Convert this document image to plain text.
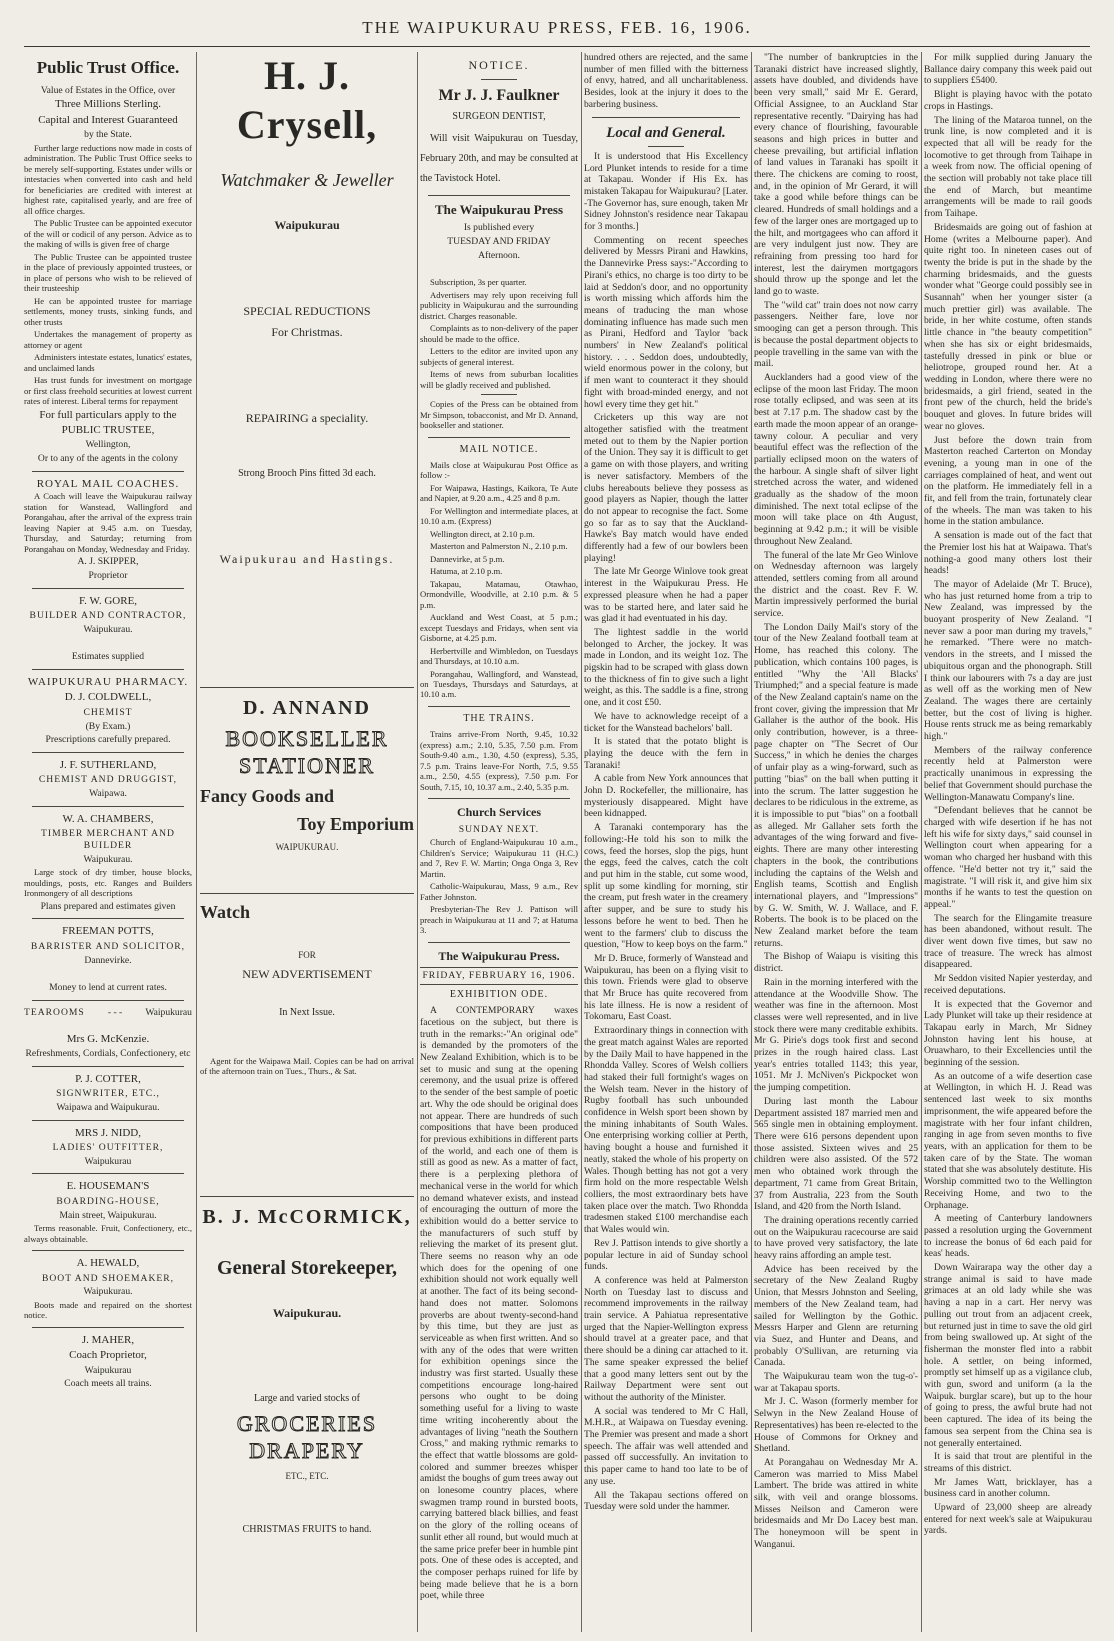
THE WAIPUKURAU PRESS, FEB. 16, 1906.
Public Trust Office.

Value of Estates in the Office, over

Three Millions Sterling.

Capital and Interest Guaranteed

by the State.

Further large reductions now made in costs of administration. The Public Trust Office seeks to be merely self-supporting. Estates under wills or intestacies when converted into cash and held for beneficiaries are credited with interest at highest rate, capitalised yearly, and are free of all office charges.

The Public Trustee can be appointed executor of the will or codicil of any person. Advice as to the making of wills is given free of charge

The Public Trustee can be appointed trustee in the place of previously appointed trustees, or in place of persons who wish to be relieved of their trusteeship

He can be appointed trustee for marriage settlements, money trusts, sinking funds, and other trusts

Undertakes the management of property as attorney or agent

Administers intestate estates, lunatics' estates, and unclaimed lands

Has trust funds for investment on mortgage or first class freehold securities at lowest current rates of interest. Liberal terms for repayment

For full particulars apply to the

PUBLIC TRUSTEE,

Wellington,

Or to any of the agents in the colony

ROYAL MAIL COACHES.

A Coach will leave the Waipukurau railway station for Wanstead, Wallingford and Porangahau, after the arrival of the express train leaving Napier at 9.45 a.m. on Tuesday, Thursday, and Saturday; returning from Porangahau on Monday, Wednesday and Friday.

A. J. SKIPPER,

Proprietor

F. W. GORE,

BUILDER AND CONTRACTOR,

Waipukurau.

Estimates supplied

WAIPUKURAU PHARMACY.

D. J. COLDWELL,

CHEMIST

(By Exam.)

Prescriptions carefully prepared.

J. F. SUTHERLAND,

CHEMIST AND DRUGGIST,

Waipawa.

W. A. CHAMBERS,

TIMBER MERCHANT AND BUILDER

Waipukurau.

Large stock of dry timber, house blocks, mouldings, posts, etc. Ranges and Builders Ironmongery of all descriptions

Plans prepared and estimates given

FREEMAN POTTS,

BARRISTER AND SOLICITOR,

Dannevirke.

Money to lend at current rates.

TEAROOMS - - - Waipukurau

Mrs G. McKenzie.

Refreshments, Cordials, Confectionery, etc

P. J. COTTER,

SIGNWRITER, ETC.,

Waipawa and Waipukurau.

MRS J. NIDD,

LADIES' OUTFITTER,

Waipukurau

E. HOUSEMAN'S

BOARDING-HOUSE,

Main street, Waipukurau.

Terms reasonable. Fruit, Confectionery, etc., always obtainable.

A. HEWALD,

BOOT AND SHOEMAKER,

Waipukurau.

Boots made and repaired on the shortest notice.

J. MAHER,

Coach Proprietor,

Waipukurau

Coach meets all trains.

H. J. Crysell,
Watchmaker & Jeweller
Waipukurau
SPECIAL REDUCTIONS
For Christmas.
REPAIRING a speciality.
Strong Brooch Pins fitted 3d each.
Waipukurau and Hastings.
D. ANNAND
BOOKSELLER
STATIONER
Fancy Goods and
Toy Emporium
WAIPUKURAU.
Watch
FOR
NEW ADVERTISEMENT
In Next Issue.

Agent for the Waipawa Mail. Copies can be had on arrival of the afternoon train on Tues., Thurs., & Sat.

B. J. McCORMICK,
General Storekeeper,
Waipukurau.
Large and varied stocks of
GROCERIES
DRAPERY
ETC., ETC.
CHRISTMAS FRUITS to hand.
NOTICE.
Mr J. J. Faulkner
SURGEON DENTIST,

Will visit Waipukurau on Tuesday, February 20th, and may be consulted at the Tavistock Hotel.

The Waipukurau Press

Is published every

TUESDAY AND FRIDAY

Afternoon.

Subscription, 3s per quarter.

Advertisers may rely upon receiving full publicity in Waipukurau and the surrounding district. Charges reasonable.

Complaints as to non-delivery of the paper should be made to the office.

Letters to the editor are invited upon any subjects of general interest.

Items of news from suburban localities will be gladly received and published.

Copies of the Press can be obtained from Mr Simpson, tobacconist, and Mr D. Annand, bookseller and stationer.

MAIL NOTICE.

Mails close at Waipukurau Post Office as follow :-

For Waipawa, Hastings, Kaikora, Te Aute and Napier, at 9.20 a.m., 4.25 and 8 p.m.

For Wellington and intermediate places, at 10.10 a.m. (Express)

Wellington direct, at 2.10 p.m.

Masterton and Palmerston N., 2.10 p.m.

Dannevirke, at 5 p.m.

Hatuma, at 2.10 p.m.

Takapau, Matamau, Otawhao, Ormondville, Woodville, at 2.10 p.m. & 5 p.m.

Auckland and West Coast, at 5 p.m.; except Tuesdays and Fridays, when sent via Gisborne, at 4.25 p.m.

Herbertville and Wimbledon, on Tuesdays and Thursdays, at 10.10 a.m.

Porangahau, Wallingford, and Wanstead, on Tuesdays, Thursdays and Saturdays, at 10.10 a.m.

THE TRAINS.

Trains arrive-From North, 9.45, 10.32 (express) a.m.; 2.10, 5.35, 7.50 p.m. From South-9.40 a.m., 1.30, 4.50 (express), 5.35, 7.5 p.m. Trains leave-For North, 7.5, 9.55 a.m., 2.50, 4.55 (express), 7.50 p.m. For South, 7.15, 10, 10.37 a.m., 2.40, 5.35 p.m.

Church Services

SUNDAY NEXT.

Church of England-Waipukurau 10 a.m., Children's Service; Waipukurau 11 (H.C.) and 7, Rev F. W. Martin; Onga Onga 3, Rev Martin.

Catholic-Waipukurau, Mass, 9 a.m., Rev Father Johnston.

Presbyterian-The Rev J. Pattison will preach in Waipukurau at 11 and 7; at Hatuma 3.

The Waipukurau Press.

FRIDAY, FEBRUARY 16, 1906.

EXHIBITION ODE.

A CONTEMPORARY waxes facetious on the subject, but there is truth in the remarks:-"An original ode" is demanded by the promoters of the New Zealand Exhibition, which is to be set to music and sung at the opening ceremony, and the usual prize is offered to the sender of the best sample of poetic art. Why the ode should be original does not appear. There are hundreds of such compositions that have been produced for previous exhibitions in different parts of the world, and each one of them is still as good as new. As a matter of fact, there is a perplexing plethora of mechanical verse in the world for which no demand whatever exists, and instead of encouraging the outturn of more the exhibition would do a better service to the manufacturers of such stuff by relieving the market of its present glut. There seems no reason why an ode which does for the opening of one exhibition should not work equally well at another. The fact of its being second-hand does not matter. Solomons proverbs are about twenty-second-hand by this time, but they are just as serviceable as when first written. And so with any of the odes that were written for exhibition openings since the industry was first started. Usually these competitions encourage long-haired persons who ought to be doing something useful for a living to waste time writing incoherently about the advantages of living "neath the Southern Cross," and making rythmic remarks to the effect that wattle blossoms are gold-colored and summer breezes whisper amidst the boughs of gum trees away out on lonesome country places, where swagmen tramp round in bursted boots, carrying battered black billies, and feast on the glory of the rolling oceans of sunlit ether all round, but would much at the same price prefer beer in humble pint pots. One of these odes is accepted, and the composer perhaps ruined for life by being made believe that he is a born poet, while three

hundred others are rejected, and the same number of men filled with the bitterness of envy, hatred, and all uncharitableness. Besides, look at the injury it does to the barbering business.

Local and General.

It is understood that His Excellency Lord Plunket intends to reside for a time at Takapau. Wonder if His Ex. has mistaken Takapau for Waipukurau? [Later. -The Governor has, sure enough, taken Mr Sidney Johnston's residence near Takapau for 3 months.]

Commenting on recent speeches delivered by Messrs Pirani and Hawkins, the Dannevirke Press says:-"According to Pirani's ethics, no charge is too dirty to be laid at Seddon's door, and no opportunity is worth missing which affords him the means of traducing the man whose dominating influence has made such men as Pirani, Hedford and Taylor 'back numbers' in New Zealand's political history. . . . Seddon does, undoubtedly, wield enormous power in the colony, but if men want to counteract it they should fight with broad-minded energy, and not howl every time they get hit."

Cricketers up this way are not altogether satisfied with the treatment meted out to them by the Napier portion of the Union. They say it is difficult to get a game on with those players, and writing is never satisfactory. Members of the clubs hereabouts believe they possess as good players as Napier, though the latter do not appear to recognise the fact. Some go so far as to say that the Auckland-Hawke's Bay match would have ended differently had a few of our bowlers been playing!

The late Mr George Winlove took great interest in the Waipukurau Press. He expressed pleasure when he had a paper was to be started here, and later said he was glad it had eventuated in his day.

The lightest saddle in the world belonged to Archer, the jockey. It was made in London, and its weight 1oz. The pigskin had to be scraped with glass down to the thickness of fin to give such a light weight, as this. The saddle is a fine, strong one, and it cost £50.

We have to acknowledge receipt of a ticket for the Wanstead bachelors' ball.

It is stated that the potato blight is playing the deuce with the fern in Taranaki!

A cable from New York announces that John D. Rockefeller, the millionaire, has mysteriously disappeared. Might have been kidnapped.

A Taranaki contemporary has the following:-He told his son to milk the cows, feed the horses, slop the pigs, hunt the eggs, feed the calves, catch the colt and put him in the stable, cut some wood, split up some kindling for morning, stir the cream, put fresh water in the creamery after supper, and be sure to study his lessons before he went to bed. Then he went to the farmers' club to discuss the question, "How to keep boys on the farm."

Mr D. Bruce, formerly of Wanstead and Waipukurau, has been on a flying visit to this town. Friends were glad to observe that Mr Bruce has quite recovered from his late illness. He is now a resident of Tokomaru, East Coast.

Extraordinary things in connection with the great match against Wales are reported by the Daily Mail to have happened in the Rhondda Valley. Scores of Welsh colliers had staked their full fortnight's wages on the Welsh team. Never in the history of Rugby football has such unbounded confidence in Welsh sport been shown by the mining inhabitants of South Wales. One enterprising working collier at Perth, having bought a house and furnished it neatly, staked the whole of his property on Wales. Though betting has not got a very firm hold on the more respectable Welsh colliers, the most extraordinary bets have taken place over the match. Two Rhondda tradesmen staked £100 merchandise each that Wales would win.

Rev J. Pattison intends to give shortly a popular lecture in aid of Sunday school funds.

A conference was held at Palmerston North on Tuesday last to discuss and recommend improvements in the railway train service. A Pahiatua representative urged that the Napier-Wellington express should travel at a greater pace, and that there should be a dining car attached to it. The same speaker expressed the belief that a good many letters sent out by the Railway Department were sent out without the authority of the Minister.

A social was tendered to Mr C Hall, M.H.R., at Waipawa on Tuesday evening. The Premier was present and made a short speech. The affair was well attended and passed off successfully. An invitation to this paper came to hand too late to be of any use.

All the Takapau sections offered on Tuesday were sold under the hammer.

"The number of bankruptcies in the Taranaki district have increased slightly, assets have doubled, and dividends have been very small," said Mr E. Gerard, Official Assignee, to an Auckland Star representative recently. "Dairying has had every chance of flourishing, favourable seasons and high prices in butter and cheese prevailing, but artificial inflation of land values in Taranaki has spoilt it there. The chickens are coming to roost, and, in the opinion of Mr Gerard, it will take a good while before things can be cleared. Hundreds of small holdings and a few of the larger ones are mortgaged up to the hilt, and mortgagees who can afford it are very indulgent just now. They are refraining from pressing too hard for interest, lest the dairymen mortgagors should throw up the sponge and let the land go to waste.

The "wild cat" train does not now carry passengers. Neither fare, love nor smooging can get a person through. This is because the postal department objects to people travelling in the same van with the mail.

Aucklanders had a good view of the eclipse of the moon last Friday. The moon rose totally eclipsed, and was seen at its best at 7.17 p.m. The shadow cast by the earth made the moon appear of an orange-tawny colour. A peculiar and very beautiful effect was the reflection of the partially eclipsed moon on the waters of the harbour. A single shaft of silver light stretched across the water, and widened gradually as the shadow of the moon diminished. The next total eclipse of the moon will take place on 4th August, beginning at 9.42 p.m.; it will be visible throughout New Zealand.

The funeral of the late Mr Geo Winlove on Wednesday afternoon was largely attended, settlers coming from all around the district and the coast. Rev F. W. Martin impressively performed the burial service.

The London Daily Mail's story of the tour of the New Zealand football team at Home, has reached this colony. The publication, which contains 100 pages, is entitled "Why the 'All Blacks' Triumphed;" and a special feature is made of the New Zealand captain's name on the front cover, giving the impression that Mr Gallaher is the author of the book. His only contribution, however, is a three-page chapter on "The Secret of Our Success," in which he denies the charges of unfair play as a wing-forward, such as putting "bias" on the ball when putting it into the scrum. The latter suggestion he declares to be ridiculous in the extreme, as it is impossible to put "bias" on a football as alleged. Mr Gallaher sets forth the advantages of the wing forward and five-eights. There are many other interesting chapters in the book, the contributions including the captains of the Welsh and English teams, Scottish and English international players, and "Impressions" by G. W. Smith, W. J. Wallace, and F. Roberts. The book is to be placed on the New Zealand market before the team returns.

The Bishop of Waiapu is visiting this district.

Rain in the morning interfered with the attendance at the Woodville Show. The weather was fine in the afternoon. Most classes were well represented, and in live stock there were many creditable exhibits. Mr G. Pirie's dogs took first and second prizes in the rough haired class. Last year's entries totalled 1143; this year, 1051. Mr J. McNiven's Pickpocket won the jumping competition.

During last month the Labour Department assisted 187 married men and 565 single men in obtaining employment. There were 616 persons dependent upon those assisted. Sixteen wives and 25 children were also assisted. Of the 572 men who obtained work through the department, 71 came from Great Britain, 37 from Australia, 223 from the South Island, and 420 from the North Island.

The draining operations recently carried out on the Waipukurau racecourse are said to have proved very satisfactory, the late heavy rains affording an ample test.

Advice has been received by the secretary of the New Zealand Rugby Union, that Messrs Johnston and Seeling, members of the New Zealand team, had sailed for Wellington by the Gothic. Messrs Harper and Glenn are returning via Suez, and Hunter and Deans, and probably O'Sullivan, are returning via Canada.

The Waipukurau team won the tug-o'-war at Takapau sports.

Mr J. C. Wason (formerly member for Selwyn in the New Zealand House of Representatives) has been re-elected to the House of Commons for Orkney and Shetland.

At Porangahau on Wednesday Mr A. Cameron was married to Miss Mabel Lambert. The bride was attired in white silk, with veil and orange blossoms. Misses Neilson and Cameron were bridesmaids and Mr Do Lacey best man. The honeymoon will be spent in Wanganui.

For milk supplied during January the Ballance dairy company this week paid out to suppliers £5400.

Blight is playing havoc with the potato crops in Hastings.

The lining of the Mataroa tunnel, on the trunk line, is now completed and it is expected that all will be ready for the locomotive to get through from Taihape in a week from now. The official opening of the section will probably not take place till the end of March, but meantime arrangements will be made to rail goods from Taihape.

Bridesmaids are going out of fashion at Home (writes a Melbourne paper). And quite right too. In nineteen cases out of twenty the bride is put in the shade by the charming bridesmaids, and the guests wonder what "George could possibly see in Susannah" when her younger sister (a much prettier girl) was available. The bride, in her white costume, often stands little chance in "the beauty competition" when she has six or eight bridesmaids, tastefully dressed in pink or blue or heliotrope, grouped round her. At a wedding in London, where there were no bridesmaids, a girl friend, seated in the front pew of the church, held the bride's bouquet and gloves. In future brides will wear no gloves.

Just before the down train from Masterton reached Carterton on Monday evening, a young man in one of the carriages complained of heat, and went out on the platform. He immediately fell in a fit, and fell from the train, fortunately clear of the wheels. The man was taken to his home in the station ambulance.

A sensation is made out of the fact that the Premier lost his hat at Waipawa. That's nothing-a good many others lost their heads!

The mayor of Adelaide (Mr T. Bruce), who has just returned home from a trip to New Zealand, was impressed by the buoyant prosperity of New Zealand. "I never saw a poor man during my travels," he remarked. "There were no match-vendors in the streets, and I missed the ubiquitous organ and the phonograph. Still I think our labourers with 7s a day are just as well off as the working men of New Zealand. The wages there are certainly better, but the cost of living is higher. House rents struck me as being remarkably high."

Members of the railway conference recently held at Palmerston were practically unanimous in expressing the belief that Government should purchase the Wellington-Manawatu Company's line.

"Defendant believes that he cannot be charged with wife desertion if he has not left his wife for sixty days," said counsel in Wellington court when appearing for a woman who charged her husband with this offence. "He'd better not try it," said the magistrate. "I will risk it, and give him six months if he wants to test the question on appeal."

The search for the Elingamite treasure has been abandoned, without result. The diver went down five times, but saw no trace of treasure. The wreck has almost disappeared.

Mr Seddon visited Napier yesterday, and received deputations.

It is expected that the Governor and Lady Plunket will take up their residence at Takapau early in March, Mr Sidney Johnston having lent his house, at Oruawharo, to their Excellencies until the beginning of the session.

As an outcome of a wife desertion case at Wellington, in which H. J. Read was sentenced last week to six months imprisonment, the wife appeared before the magistrate with her four infant children, ranging in age from seven months to five years, with an application for them to be taken care of by the State. The woman stated that she was absolutely destitute. His Worship committed two to the Wellington Receiving Home, and two to the Orphanage.

A meeting of Canterbury landowners passed a resolution urging the Government to increase the bonus of 6d each paid for keas' heads.

Down Wairarapa way the other day a strange animal is said to have made grimaces at an old lady while she was having a nap in a cart. Her nervy was pulling out trout from an adjacent creek, but returned just in time to save the old girl from being swallowed up. At sight of the fisherman the monster fled into a rabbit hole. A settler, on being informed, promptly set himself up as a vigilance club, with gun, sword and uniform (a la the Waipuk. burglar scare), but up to the hour of going to press, the awful brute had not been captured. The idea of its being the famous sea serpent from the China sea is not generally entertained.

It is said that trout are plentiful in the streams of this district.

Mr James Watt, bricklayer, has a business card in another column.

Upward of 23,000 sheep are already entered for next week's sale at Waipukurau yards.
